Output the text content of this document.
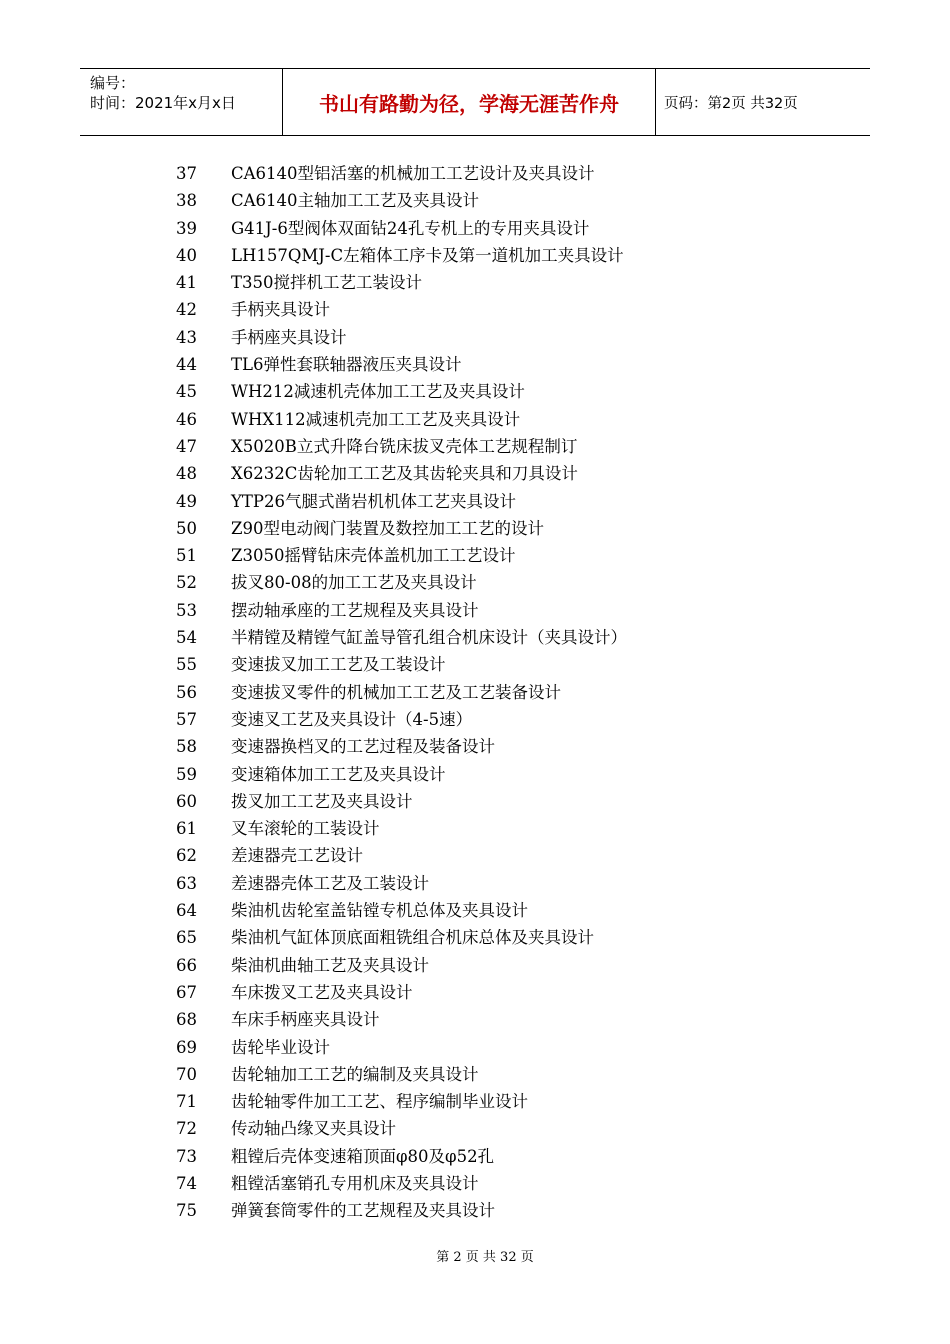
编号：
时间：2021年x月x日	书山有路勤为径，学海无涯苦作舟	页码：第2页 共32页
37	CA6140型铝活塞的机械加工工艺设计及夹具设计
38	CA6140主轴加工工艺及夹具设计
39	G41J-6型阀体双面钻24孔专机上的专用夹具设计
40	LH157QMJ-C左箱体工序卡及第一道机加工夹具设计
41	T350搅拌机工艺工装设计
42	手柄夹具设计
43	手柄座夹具设计
44	TL6弹性套联轴器液压夹具设计
45	WH212减速机壳体加工工艺及夹具设计
46	WHX112减速机壳加工工艺及夹具设计
47	X5020B立式升降台铣床拔叉壳体工艺规程制订
48	X6232C齿轮加工工艺及其齿轮夹具和刀具设计
49	YTP26气腿式凿岩机机体工艺夹具设计
50	Z90型电动阀门装置及数控加工工艺的设计
51	Z3050摇臂钻床壳体盖机加工工艺设计
52	拔叉80-08的加工工艺及夹具设计
53	摆动轴承座的工艺规程及夹具设计
54	半精镗及精镗气缸盖导管孔组合机床设计（夹具设计）
55	变速拔叉加工工艺及工装设计
56	变速拔叉零件的机械加工工艺及工艺装备设计
57	变速叉工艺及夹具设计（4-5速）
58	变速器换档叉的工艺过程及装备设计
59	变速箱体加工工艺及夹具设计
60	拨叉加工工艺及夹具设计
61	叉车滚轮的工装设计
62	差速器壳工艺设计
63	差速器壳体工艺及工装设计
64	柴油机齿轮室盖钻镗专机总体及夹具设计
65	柴油机气缸体顶底面粗铣组合机床总体及夹具设计
66	柴油机曲轴工艺及夹具设计
67	车床拨叉工艺及夹具设计
68	车床手柄座夹具设计
69	齿轮毕业设计
70	齿轮轴加工工艺的编制及夹具设计
71	齿轮轴零件加工工艺、程序编制毕业设计
72	传动轴凸缘叉夹具设计
73	粗镗后壳体变速箱顶面φ80及φ52孔
74	粗镗活塞销孔专用机床及夹具设计
75	弹簧套筒零件的工艺规程及夹具设计
第 2 页 共 32 页
